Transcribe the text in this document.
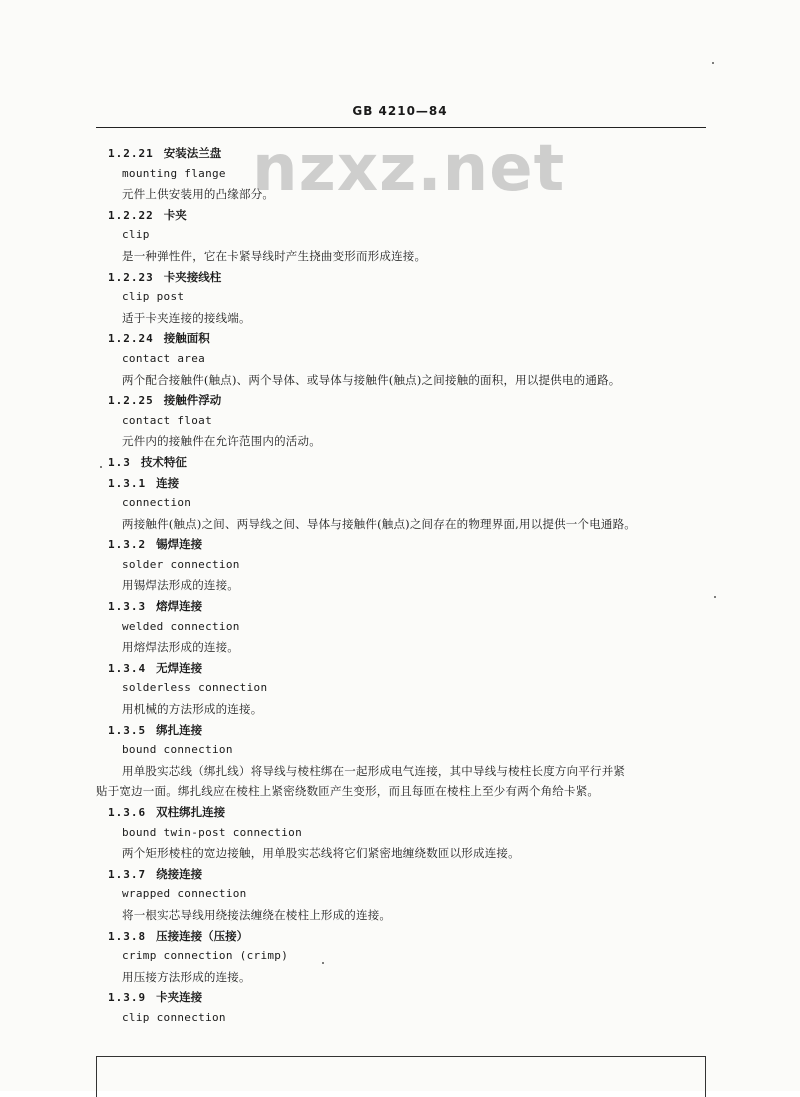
GB 4210—84
nzxz.net
1.2.21 安装法兰盘
mounting flange
元件上供安装用的凸缘部分。
1.2.22 卡夹
clip
是一种弹性件，它在卡紧导线时产生挠曲变形而形成连接。
1.2.23 卡夹接线柱
clip post
适于卡夹连接的接线端。
1.2.24 接触面积
contact area
两个配合接触件(触点)、两个导体、或导体与接触件(触点)之间接触的面积，用以提供电的通路。
1.2.25 接触件浮动
contact float
元件内的接触件在允许范围内的活动。
1.3 技术特征
1.3.1 连接
connection
两接触件(触点)之间、两导线之间、导体与接触件(触点)之间存在的物理界面,用以提供一个电通路。
1.3.2 锡焊连接
solder connection
用锡焊法形成的连接。
1.3.3 熔焊连接
welded connection
用熔焊法形成的连接。
1.3.4 无焊连接
solderless connection
用机械的方法形成的连接。
1.3.5 绑扎连接
bound connection
用单股实芯线（绑扎线）将导线与棱柱绑在一起形成电气连接，其中导线与棱柱长度方向平行并紧
贴于宽边一面。绑扎线应在棱柱上紧密绕数匝产生变形，而且每匝在棱柱上至少有两个角给卡紧。
1.3.6 双柱绑扎连接
bound twin-post connection
两个矩形棱柱的宽边接触，用单股实芯线将它们紧密地缠绕数匝以形成连接。
1.3.7 绕接连接
wrapped connection
将一根实芯导线用绕接法缠绕在棱柱上形成的连接。
1.3.8 压接连接（压接）
crimp connection (crimp)
用压接方法形成的连接。
1.3.9 卡夹连接
clip connection
